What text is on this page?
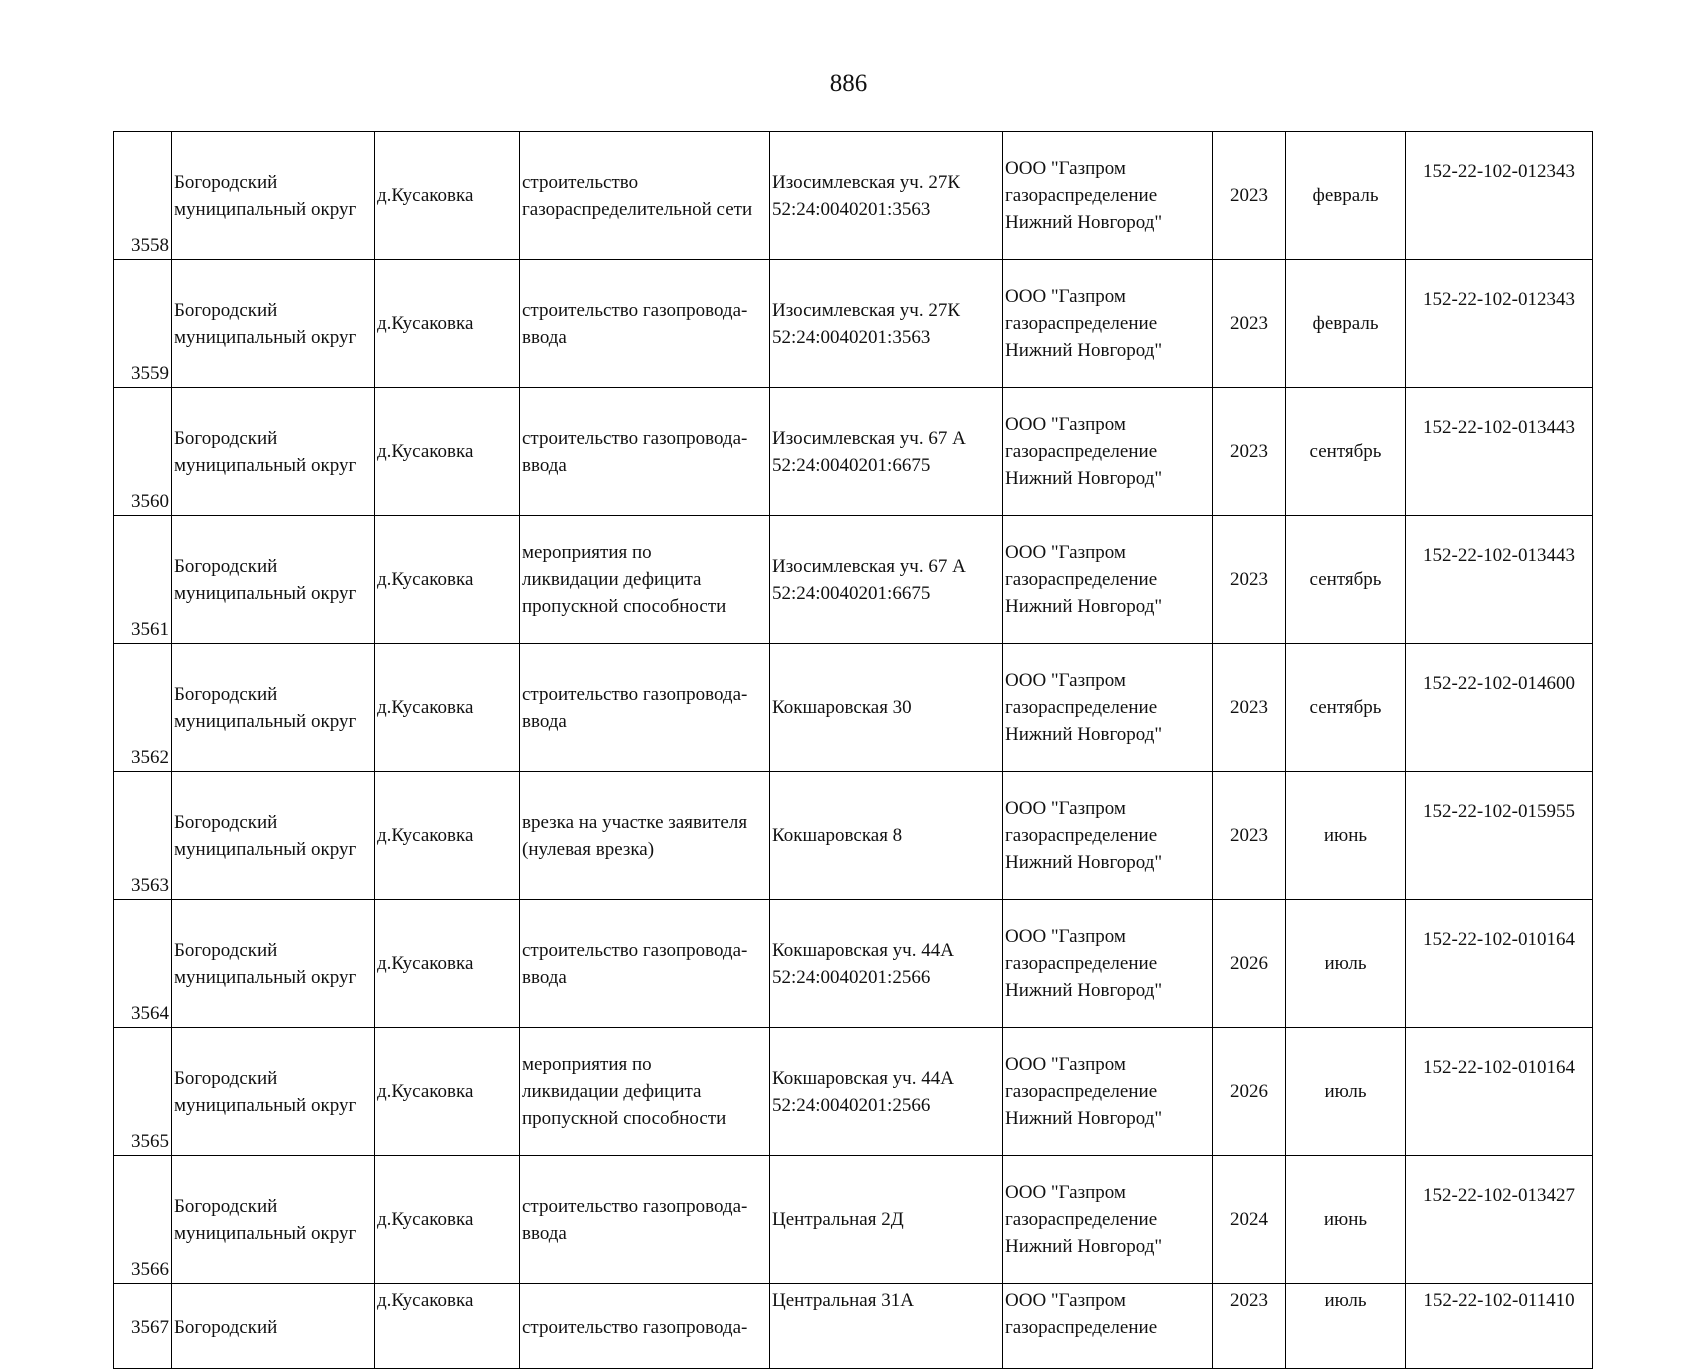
886
3558	Богородский
муниципальный округ	д.Кусаковка	строительство
газораспределительной сети	Изосимлевская уч. 27К
52:24:0040201:3563	ООО "Газпром
газораспределение
Нижний Новгород"	2023	февраль	152-22-102-012343
3559	Богородский
муниципальный округ	д.Кусаковка	строительство газопровода-
ввода	Изосимлевская уч. 27К
52:24:0040201:3563	ООО "Газпром
газораспределение
Нижний Новгород"	2023	февраль	152-22-102-012343
3560	Богородский
муниципальный округ	д.Кусаковка	строительство газопровода-
ввода	Изосимлевская уч. 67 А
52:24:0040201:6675	ООО "Газпром
газораспределение
Нижний Новгород"	2023	сентябрь	152-22-102-013443
3561	Богородский
муниципальный округ	д.Кусаковка	мероприятия по
ликвидации дефицита
пропускной способности	Изосимлевская уч. 67 А
52:24:0040201:6675	ООО "Газпром
газораспределение
Нижний Новгород"	2023	сентябрь	152-22-102-013443
3562	Богородский
муниципальный округ	д.Кусаковка	строительство газопровода-
ввода	Кокшаровская 30	ООО "Газпром
газораспределение
Нижний Новгород"	2023	сентябрь	152-22-102-014600
3563	Богородский
муниципальный округ	д.Кусаковка	врезка на участке заявителя
(нулевая врезка)	Кокшаровская 8	ООО "Газпром
газораспределение
Нижний Новгород"	2023	июнь	152-22-102-015955
3564	Богородский
муниципальный округ	д.Кусаковка	строительство газопровода-
ввода	Кокшаровская уч. 44А
52:24:0040201:2566	ООО "Газпром
газораспределение
Нижний Новгород"	2026	июль	152-22-102-010164
3565	Богородский
муниципальный округ	д.Кусаковка	мероприятия по
ликвидации дефицита
пропускной способности	Кокшаровская уч. 44А
52:24:0040201:2566	ООО "Газпром
газораспределение
Нижний Новгород"	2026	июль	152-22-102-010164
3566	Богородский
муниципальный округ	д.Кусаковка	строительство газопровода-
ввода	Центральная 2Д	ООО "Газпром
газораспределение
Нижний Новгород"	2024	июнь	152-22-102-013427
3567	Богородский	д.Кусаковка	строительство газопровода-	Центральная 31А	ООО "Газпром
газораспределение	2023	июль	152-22-102-011410
